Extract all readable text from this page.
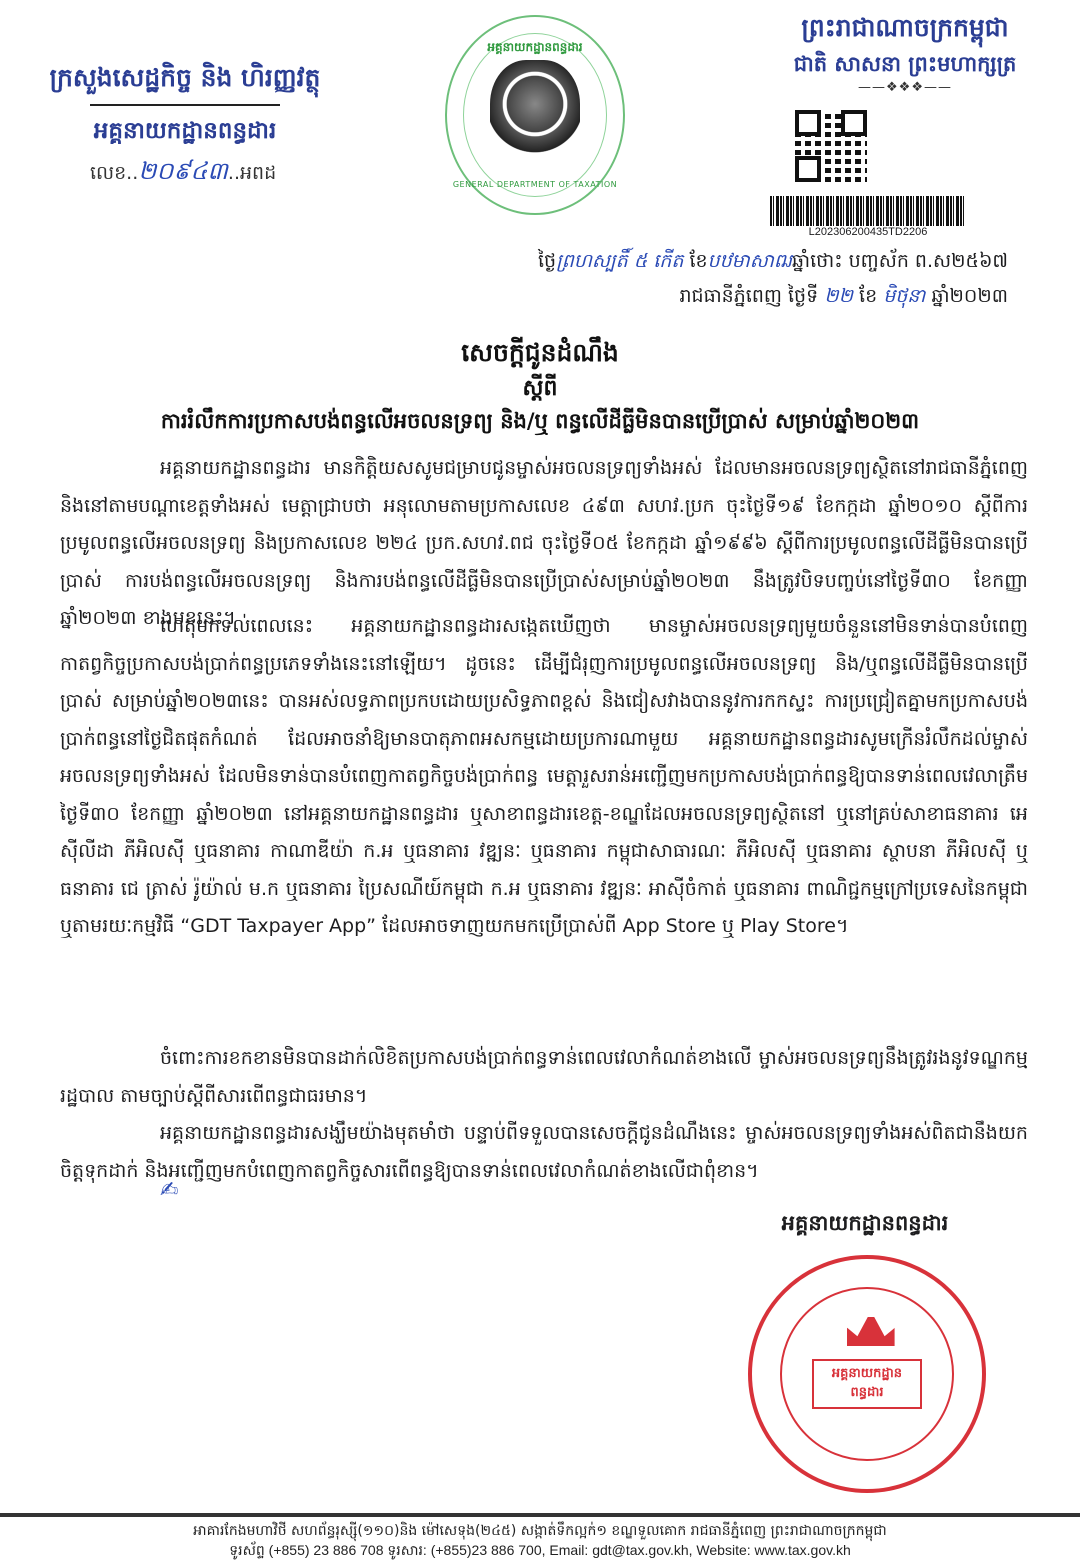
ក្រសួងសេដ្ឋកិច្ច និង ហិរញ្ញវត្ថុ
អគ្គនាយកដ្ឋានពន្ធដារ
លេខ..២០៩៤៣..អពដ
អគ្គនាយកដ្ឋានពន្ធដារ
GENERAL DEPARTMENT OF TAXATION
ព្រះរាជាណាចក្រកម្ពុជា
ជាតិ សាសនា ព្រះមហាក្សត្រ
——❖❖❖——
L202306200435TD2206
ថ្ងៃព្រហស្បតិ៍ ៥ កើត ខែបឋមាសាឍឆ្នាំថោះ បញ្ចស័ក ព.ស២៥៦៧
រាជធានីភ្នំពេញ ថ្ងៃទី ២២ ខែ មិថុនា ឆ្នាំ២០២៣
សេចក្តីជូនដំណឹង
ស្តីពី
ការរំលឹកការប្រកាសបង់ពន្ធលើអចលនទ្រព្យ និង/ឬ ពន្ធលើដីធ្លីមិនបានប្រើប្រាស់ សម្រាប់ឆ្នាំ២០២៣

អគ្គនាយកដ្ឋានពន្ធដារ មានកិត្តិយសសូមជម្រាបជូនម្ចាស់អចលនទ្រព្យទាំងអស់ ដែលមានអចលនទ្រព្យស្ថិតនៅរាជធានីភ្នំពេញ និងនៅតាមបណ្តាខេត្តទាំងអស់ មេត្តាជ្រាបថា អនុលោមតាមប្រកាសលេខ ៤៩៣ សហវ.ប្រក ចុះថ្ងៃទី១៩ ខែកក្កដា ឆ្នាំ២០១០ ស្តីពីការប្រមូលពន្ធលើអចលនទ្រព្យ និងប្រកាសលេខ ២២៤ ប្រក.សហវ.ពជ ចុះថ្ងៃទី០៥ ខែកក្កដា ឆ្នាំ១៩៩៦ ស្តីពីការប្រមូលពន្ធលើដីធ្លីមិនបានប្រើប្រាស់ ការបង់ពន្ធលើអចលនទ្រព្យ និងការបង់ពន្ធលើដីធ្លីមិនបានប្រើប្រាស់សម្រាប់ឆ្នាំ២០២៣ នឹងត្រូវបិទបញ្ចប់នៅថ្ងៃទី៣០ ខែកញ្ញា ឆ្នាំ២០២៣ ខាងមុខនេះ។

ហេតុមកទល់ពេលនេះ អគ្គនាយកដ្ឋានពន្ធដារសង្កេតឃើញថា មានម្ចាស់អចលនទ្រព្យមួយចំនួននៅមិនទាន់បានបំពេញកាតព្វកិច្ចប្រកាសបង់ប្រាក់ពន្ធប្រភេទទាំងនេះនៅឡើយ។ ដូចនេះ ដើម្បីជំរុញការប្រមូលពន្ធលើអចលនទ្រព្យ និង/ឬពន្ធលើដីធ្លីមិនបានប្រើប្រាស់ សម្រាប់ឆ្នាំ២០២៣នេះ បានអស់លទ្ធភាពប្រកបដោយប្រសិទ្ធភាពខ្ពស់ និងជៀសវាងបាននូវការកកស្ទះ ការប្រជ្រៀតគ្នាមកប្រកាសបង់ប្រាក់ពន្ធនៅថ្ងៃជិតផុតកំណត់ ដែលអាចនាំឱ្យមានបាតុភាពអសកម្មដោយប្រការណាមួយ អគ្គនាយកដ្ឋានពន្ធដារសូមក្រើនរំលឹកដល់ម្ចាស់អចលនទ្រព្យទាំងអស់ ដែលមិនទាន់បានបំពេញកាតព្វកិច្ចបង់ប្រាក់ពន្ធ មេត្តារួសរាន់អញ្ជើញមកប្រកាសបង់ប្រាក់ពន្ធឱ្យបានទាន់ពេលវេលាត្រឹមថ្ងៃទី៣០ ខែកញ្ញា ឆ្នាំ២០២៣ នៅអគ្គនាយកដ្ឋានពន្ធដារ ឬសាខាពន្ធដារខេត្ត-ខណ្ឌដែលអចលនទ្រព្យស្ថិតនៅ ឬនៅគ្រប់សាខាធនាគារ អេស៊ីលីដា ភីអិលស៊ី ឬធនាគារ កាណាឌីយ៉ា ក.អ ឬធនាគារ វឌ្ឍនៈ ឬធនាគារ កម្ពុជាសាធារណៈ ភីអិលស៊ី ឬធនាគារ ស្ថាបនា ភីអិលស៊ី ឬធនាគារ ជេ ត្រាស់ រ៉ូយ៉ាល់ ម.ក ឬធនាគារ ប្រៃសណីយ៍កម្ពុជា ក.អ ឬធនាគារ វឌ្ឍនៈ អាស៊ីចំកាត់ ឬធនាគារ ពាណិជ្ជកម្មក្រៅប្រទេសនៃកម្ពុជា ឬតាមរយៈកម្មវិធី “GDT Taxpayer App” ដែលអាចទាញយកមកប្រើប្រាស់ពី App Store ឬ Play Store។

ចំពោះការខកខានមិនបានដាក់លិខិតប្រកាសបង់ប្រាក់ពន្ធទាន់ពេលវេលាកំណត់ខាងលើ ម្ចាស់អចលនទ្រព្យនឹងត្រូវរងនូវទណ្ឌកម្មរដ្ឋបាល តាមច្បាប់ស្តីពីសារពើពន្ធជាធរមាន។

អគ្គនាយកដ្ឋានពន្ធដារសង្ឃឹមយ៉ាងមុតមាំថា បន្ទាប់ពីទទួលបានសេចក្តីជូនដំណឹងនេះ ម្ចាស់អចលនទ្រព្យទាំងអស់ពិតជានឹងយកចិត្តទុកដាក់ និងអញ្ជើញមកបំពេញកាតព្វកិច្ចសារពើពន្ធឱ្យបានទាន់ពេលវេលាកំណត់ខាងលើជាពុំខាន។

✍
អគ្គនាយកដ្ឋានពន្ធដារ
អគ្គនាយកដ្ឋានពន្ធដារ
អាគារកែងមហាវិថី សហព័ន្ធរុស្ស៊ី(១១០)និង ម៉ៅសេទុង(២៤៥) សង្កាត់ទឹកល្អក់១ ខណ្ឌទួលគោក រាជធានីភ្នំពេញ ព្រះរាជាណាចក្រកម្ពុជា
ទូរស័ព្ទ (+855) 23 886 708 ទូរសារ: (+855)23 886 700, Email: gdt@tax.gov.kh, Website: www.tax.gov.kh
